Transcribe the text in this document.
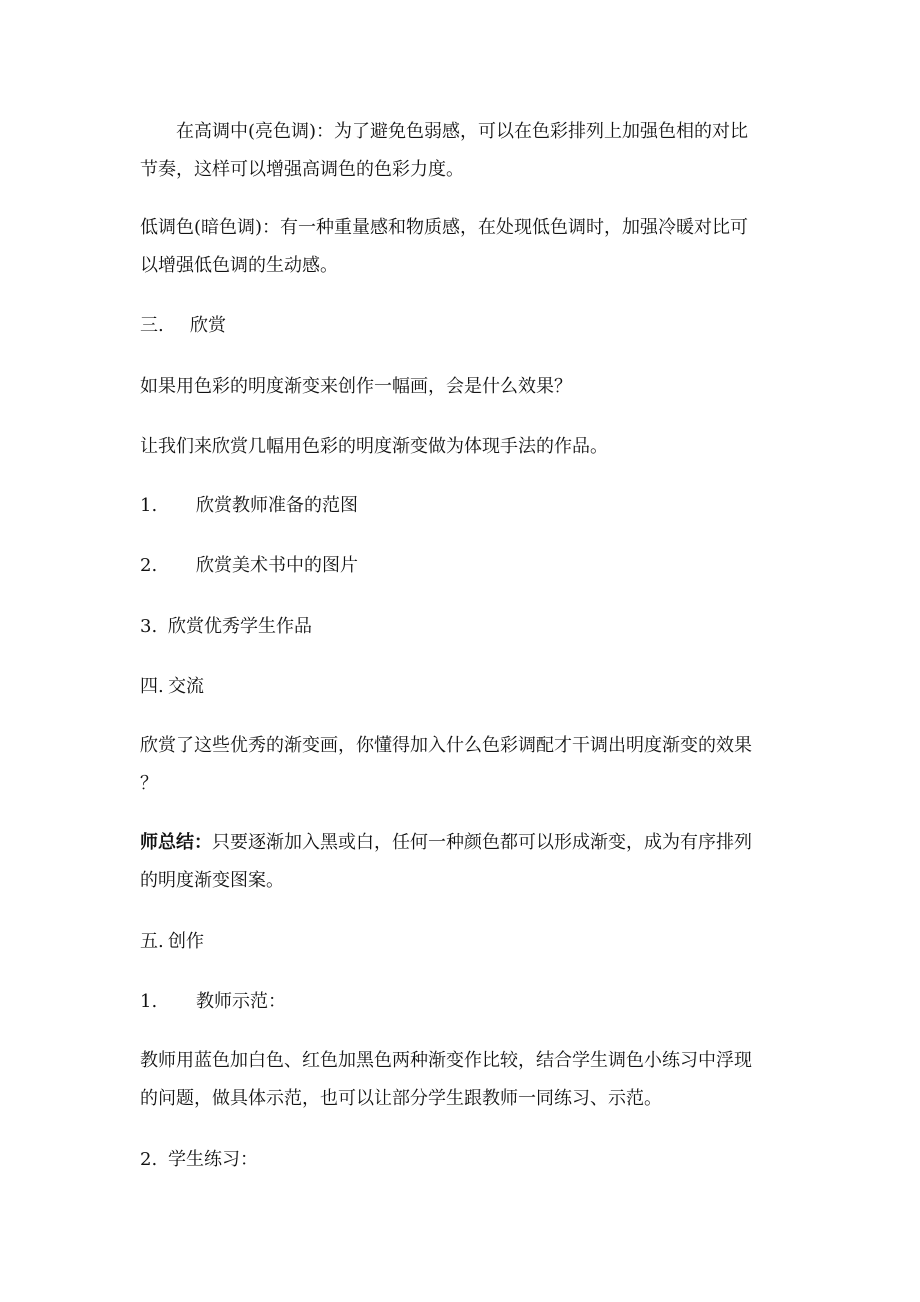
在高调中(亮色调)：为了避免色弱感，可以在色彩排列上加强色相的对比
节奏，这样可以增强高调色的色彩力度。
低调色(暗色调)：有一种重量感和物质感，在处现低色调时，加强冷暖对比可
以增强低色调的生动感。
三. 欣赏
如果用色彩的明度渐变来创作一幅画，会是什么效果？
让我们来欣赏几幅用色彩的明度渐变做为体现手法的作品。
1. 欣赏教师准备的范图
2. 欣赏美术书中的图片
3. 欣赏优秀学生作品
四. 交流
欣赏了这些优秀的渐变画，你懂得加入什么色彩调配才干调出明度渐变的效果
？
师总结：只要逐渐加入黑或白，任何一种颜色都可以形成渐变，成为有序排列
的明度渐变图案。
五. 创作
1. 教师示范：
教师用蓝色加白色、红色加黑色两种渐变作比较，结合学生调色小练习中浮现
的问题，做具体示范，也可以让部分学生跟教师一同练习、示范。
2. 学生练习：
